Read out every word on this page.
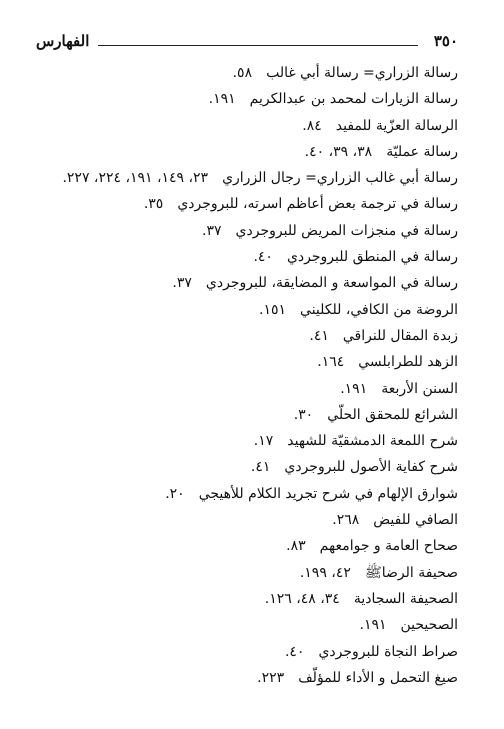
٣٥٠
الفهارس
رسالة الزراري= رسالة أبي غالب٥٨.
رسالة الزيارات لمحمد بن عبدالكريم١٩١.
الرسالة العزّية للمفيد٨٤.
رسالة عمليّة٣٨، ٣٩، ٤٠.
رسالة أبي غالب الزراري= رجال الزراري٢٣، ١٤٩، ١٩١، ٢٢٤، ٢٢٧.
رسالة في ترجمة بعض أعاظم اسرته، للبروجردي٣٥.
رسالة في منجزات المريض للبروجردي٣٧.
رسالة في المنطق للبروجردي٤٠.
رسالة في المواسعة و المضايقة، للبروجردي٣٧.
الروضة من الكافي، للكليني١٥١.
زبدة المقال للنراقي٤١.
الزهد للطرابلسي١٦٤.
السنن الأربعة١٩١.
الشرائع للمحقق الحلّي٣٠.
شرح اللمعة الدمشقيّة للشهيد١٧.
شرح كفاية الأصول للبروجردي٤١.
شوارق الإلهام في شرح تجريد الكلام للأهيجي٢٠.
الصافي للفيض٢٦٨.
صحاح العامة و جوامعهم٨٣.
صحيفة الرضاﷺ٤٢، ١٩٩.
الصحيفة السجادية٣٤، ٤٨، ١٢٦.
الصحيحين١٩١.
صراط النجاة للبروجردي٤٠.
صيغ التحمل و الأداء للمؤلّف٢٢٣.
